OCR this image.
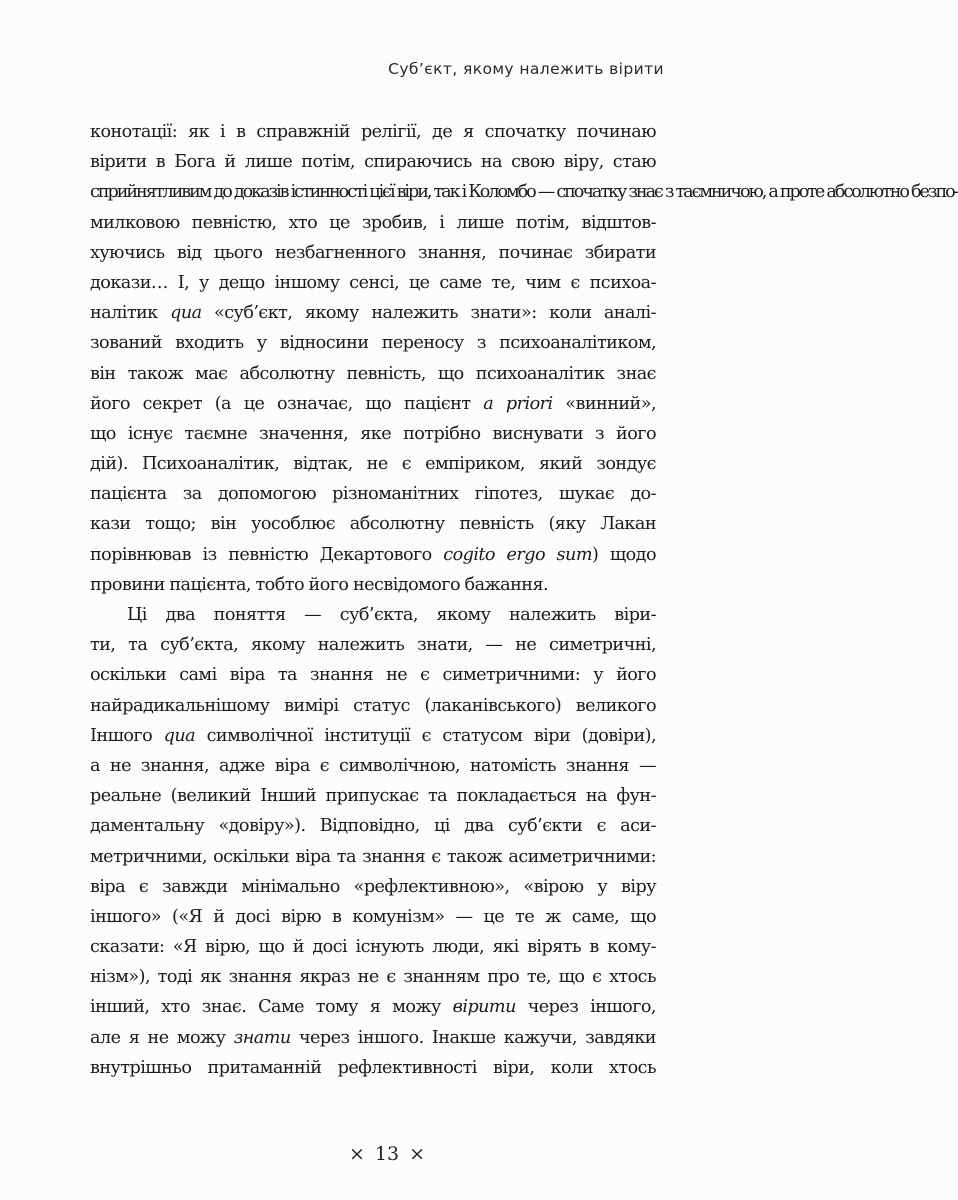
Суб’єкт, якому належить вірити
конотації: як і в справжній релігії, де я спочатку починаю
вірити в Бога й лише потім, спираючись на свою віру, стаю
сприйнятливим до доказів істинності цієї віри, так і Коломбо — спочатку знає з таємничою, а проте абсолютно безпо-
милковою певністю, хто це зробив, і лише потім, відштов-
хуючись від цього незбагненного знання, починає збирати
докази… І, у дещо іншому сенсі, це саме те, чим є психоа-
налітик qua «суб’єкт, якому належить знати»: коли аналі-
зований входить у відносини переносу з психоаналітиком,
він також має абсолютну певність, що психоаналітик знає
його секрет (а це означає, що пацієнт a priori «винний»,
що існує таємне значення, яке потрібно виснувати з його
дій). Психоаналітик, відтак, не є емпіриком, який зондує
пацієнта за допомогою різноманітних гіпотез, шукає до-
кази тощо; він уособлює абсолютну певність (яку Лакан
порівнював із певністю Декартового cogito ergo sum) щодо
провини пацієнта, тобто його несвідомого бажання.
Ці два поняття — суб’єкта, якому належить віри-
ти, та суб’єкта, якому належить знати, — не симетричні,
оскільки самі віра та знання не є симетричними: у його
найрадикальнішому вимірі статус (лаканівського) великого
Іншого qua символічної інституції є статусом віри (довіри),
а не знання, адже віра є символічною, натомість знання —
реальне (великий Інший припускає та покладається на фун-
даментальну «довіру»). Відповідно, ці два суб’єкти є аси-
метричними, оскільки віра та знання є також асиметричними:
віра є завжди мінімально «рефлективною», «вірою у віру
іншого» («Я й досі вірю в комунізм» — це те ж саме, що
сказати: «Я вірю, що й досі існують люди, які вірять в кому-
нізм»), тоді як знання якраз не є знанням про те, що є хтось
інший, хто знає. Саме тому я можу вірити через іншого,
але я не можу знати через іншого. Інакше кажучи, завдяки
внутрішньо притаманній рефлективності віри, коли хтось
× 13 ×
